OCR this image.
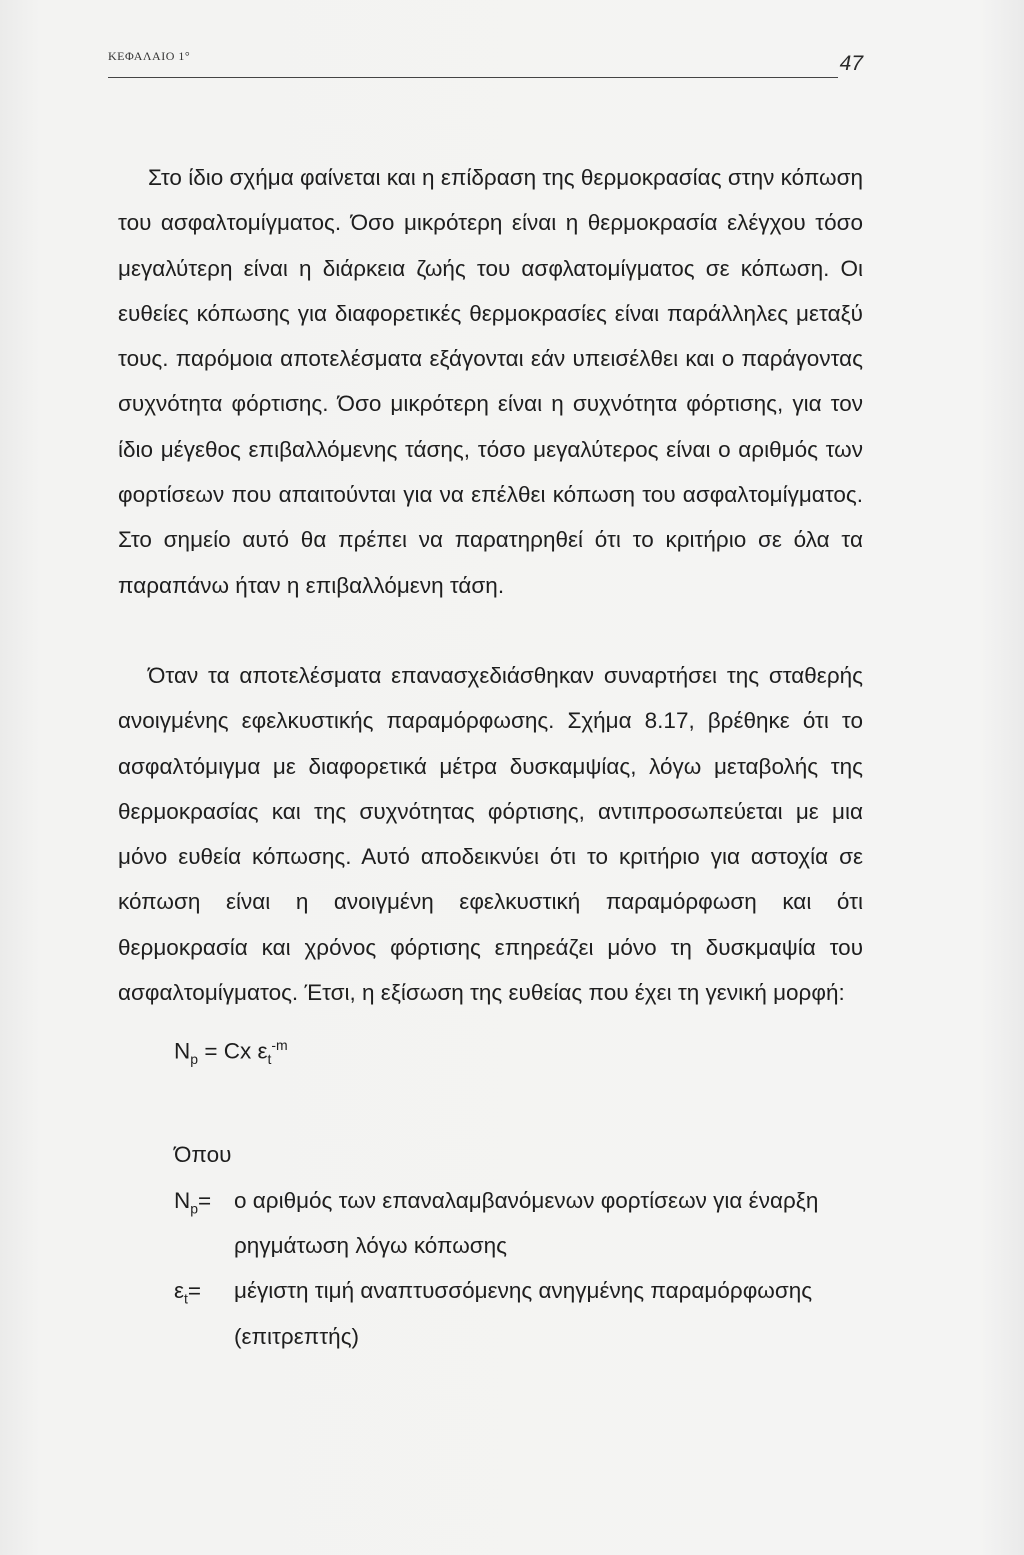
ΚΕΦΑΛΑΙΟ 1°	47

Στο ίδιο σχήμα φαίνεται και η επίδραση της θερμοκρασίας στην κόπωση του ασφαλτομίγματος. Όσο μικρότερη είναι η θερμοκρασία ελέγχου τόσο μεγαλύτερη είναι η διάρκεια ζωής του ασφλατομίγματος σε κόπωση. Οι ευθείες κόπωσης για διαφορετικές θερμοκρασίες είναι παράλληλες μεταξύ τους. παρόμοια αποτελέσματα εξάγονται εάν υπεισέλθει και ο παράγοντας συχνότητα φόρτισης. Όσο μικρότερη είναι η συχνότητα φόρτισης, για τον ίδιο μέγεθος επιβαλλόμενης τάσης, τόσο μεγαλύτερος είναι ο αριθμός των φορτίσεων που απαιτούνται για να επέλθει κόπωση του ασφαλτομίγματος. Στο σημείο αυτό θα πρέπει να παρατηρηθεί ότι το κριτήριο σε όλα τα παραπάνω ήταν η επιβαλλόμενη τάση.

Όταν τα αποτελέσματα επανασχεδιάσθηκαν συναρτήσει της σταθερής ανοιγμένης εφελκυστικής παραμόρφωσης. Σχήμα 8.17, βρέθηκε ότι το ασφαλτόμιγμα με διαφορετικά μέτρα δυσκαμψίας, λόγω μεταβολής της θερμοκρασίας και της συχνότητας φόρτισης, αντιπροσωπεύεται με μια μόνο ευθεία κόπωσης. Αυτό αποδεικνύει ότι το κριτήριο για αστοχία σε κόπωση είναι η ανοιγμένη εφελκυστική παραμόρφωση και ότι θερμοκρασία και χρόνος φόρτισης επηρεάζει μόνο τη δυσκμαψία του ασφαλτομίγματος. Έτσι, η εξίσωση της ευθείας που έχει τη γενική μορφή:

$N_p = Cx$ $\varepsilon_t^{-m}$
Όπου
$N_p=$	ο αριθμός των επαναλαμβανόμενων φορτίσεων για έναρξη
ρηγμάτωση λόγω κόπωσης
$\varepsilon_t=$	μέγιστη τιμή αναπτυσσόμενης ανηγμένης παραμόρφωσης
(επιτρεπτής)
